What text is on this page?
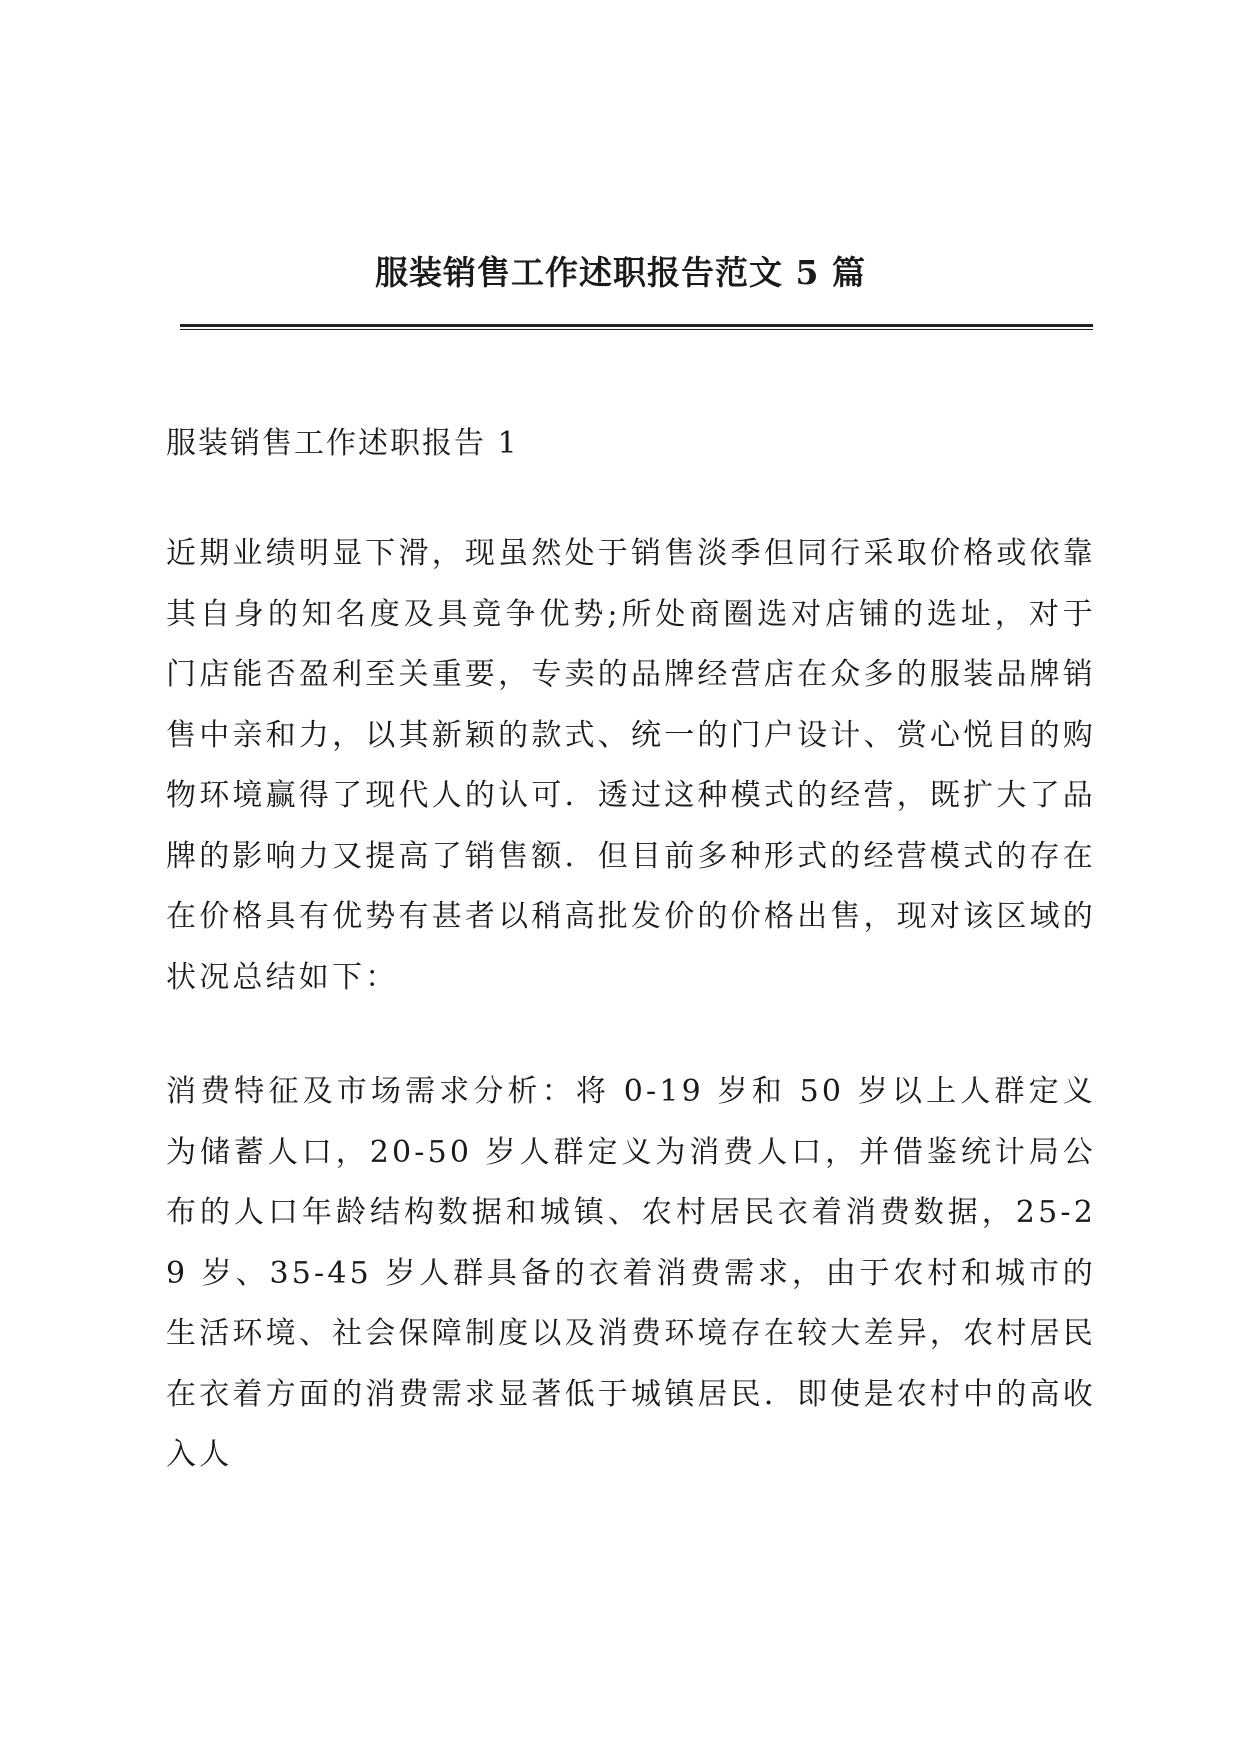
服装销售工作述职报告范文 5 篇

服装销售工作述职报告 1

近期业绩明显下滑，现虽然处于销售淡季但同行采取价格或依靠其自身的知名度及具竟争优势;所处商圈选对店铺的选址，对于门店能否盈利至关重要，专卖的品牌经营店在众多的服装品牌销售中亲和力，以其新颖的款式、统一的门户设计、赏心悦目的购物环境赢得了现代人的认可．透过这种模式的经营，既扩大了品牌的影响力又提高了销售额．但目前多种形式的经营模式的存在在价格具有优势有甚者以稍高批发价的价格出售，现对该区域的状况总结如下：

消费特征及市场需求分析：将 0-19 岁和 50 岁以上人群定义为储蓄人口，20-50 岁人群定义为消费人口，并借鉴统计局公布的人口年龄结构数据和城镇、农村居民衣着消费数据，25-29 岁、35-45 岁人群具备的衣着消费需求，由于农村和城市的生活环境、社会保障制度以及消费环境存在较大差异，农村居民在衣着方面的消费需求显著低于城镇居民．即使是农村中的高收入人
